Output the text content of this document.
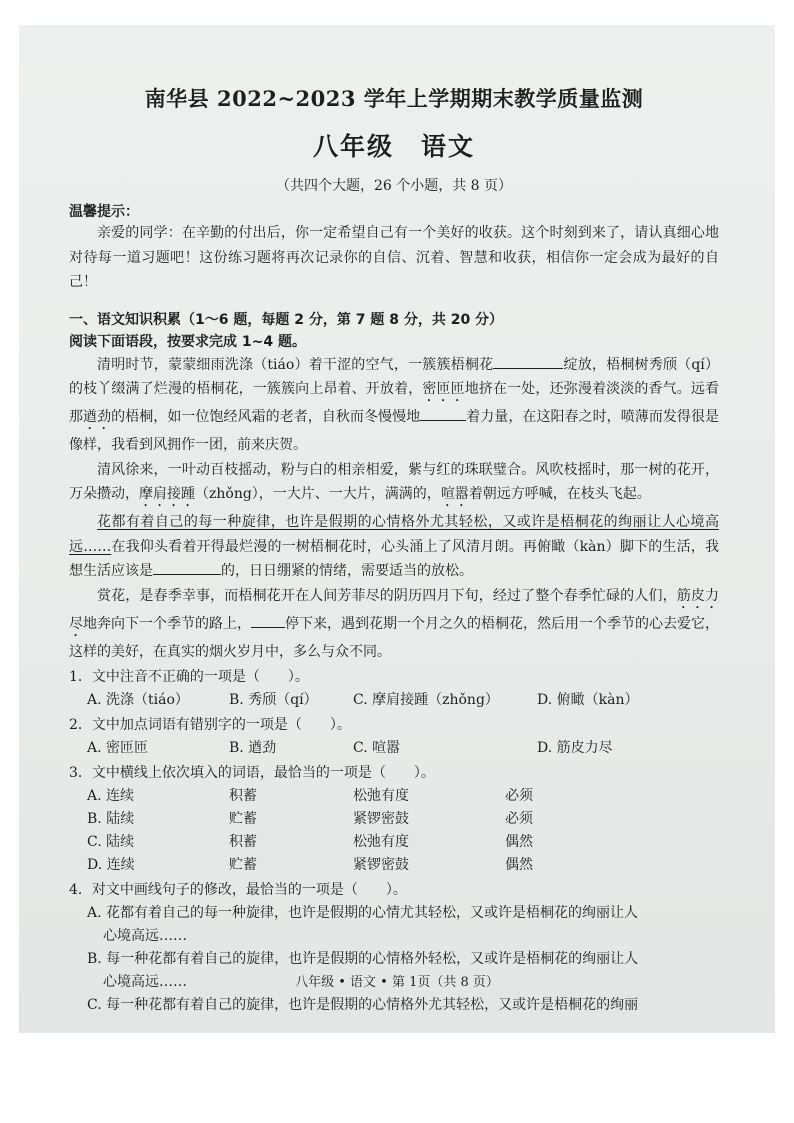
南华县 2022~2023 学年上学期期末教学质量监测

八年级　语文

（共四个大题，26 个小题，共 8 页）

温馨提示：

亲爱的同学：在辛勤的付出后，你一定希望自己有一个美好的收获。这个时刻到来了，请认真细心地对待每一道习题吧！这份练习题将再次记录你的自信、沉着、智慧和收获，相信你一定会成为最好的自己！

一、语文知识积累（1～6 题，每题 2 分，第 7 题 8 分，共 20 分）

阅读下面语段，按要求完成 1~4 题。

清明时节，蒙蒙细雨洗涤（tiáo）着干涩的空气，一簇簇梧桐花	绽放，梧桐树秀颀（qí）的枝丫缀满了烂漫的梧桐花，一簇簇向上昂着、开放着，密匝匝地挤在一处，还弥漫着淡淡的香气。远看那遒劲的梧桐，如一位饱经风霜的老者，自秋而冬慢慢地	着力量，在这阳春之时，喷薄而发得很是像样，我看到风拥作一团，前来庆贺。

清风徐来，一叶动百枝摇动，粉与白的相亲相爱，紫与红的珠联璧合。风吹枝摇时，那一树的花开，万朵攒动，摩肩接踵（zhǒng），一大片、一大片，满满的，喧嚣着朝远方呼喊，在枝头飞起。

花都有着自己的每一种旋律，也许是假期的心情格外尤其轻松，又或许是梧桐花的绚丽让人心境高远……在我仰头看着开得最烂漫的一树梧桐花时，心头涌上了风清月朗。再俯瞰（kàn）脚下的生活，我想生活应该是	的，日日绷紧的情绪，需要适当的放松。

赏花，是春季幸事，而梧桐花开在人间芳菲尽的阴历四月下旬，经过了整个春季忙碌的人们，筋皮力尽地奔向下一个季节的路上， 停下来，遇到花期一个月之久的梧桐花，然后用一个季节的心去爱它，这样的美好，在真实的烟火岁月中，多么与众不同。

1．文中注音不正确的一项是（　　）。

A. 洗涤（tiáo）	B. 秀颀（qí）	C. 摩肩接踵（zhǒng）	D. 俯瞰（kàn）

2．文中加点词语有错别字的一项是（　　）。

A. 密匝匝	B. 遒劲	C. 喧嚣	D. 筋皮力尽

3．文中横线上依次填入的词语，最恰当的一项是（　　）。

A. 连续	积蓄	松弛有度	必须
B. 陆续	贮蓄	紧锣密鼓	必须
C. 陆续	积蓄	松弛有度	偶然
D. 连续	贮蓄	紧锣密鼓	偶然

4．对文中画线句子的修改，最恰当的一项是（　　）。

A. 花都有着自己的每一种旋律，也许是假期的心情尤其轻松，又或许是梧桐花的绚丽让人
心境高远……
B. 每一种花都有着自己的旋律，也许是假期的心情格外轻松，又或许是梧桐花的绚丽让人
心境高远……
C. 每一种花都有着自己的旋律，也许是假期的心情格外尤其轻松，又或许是梧桐花的绚丽
八年级 • 语文 • 第 1页（共 8 页）
